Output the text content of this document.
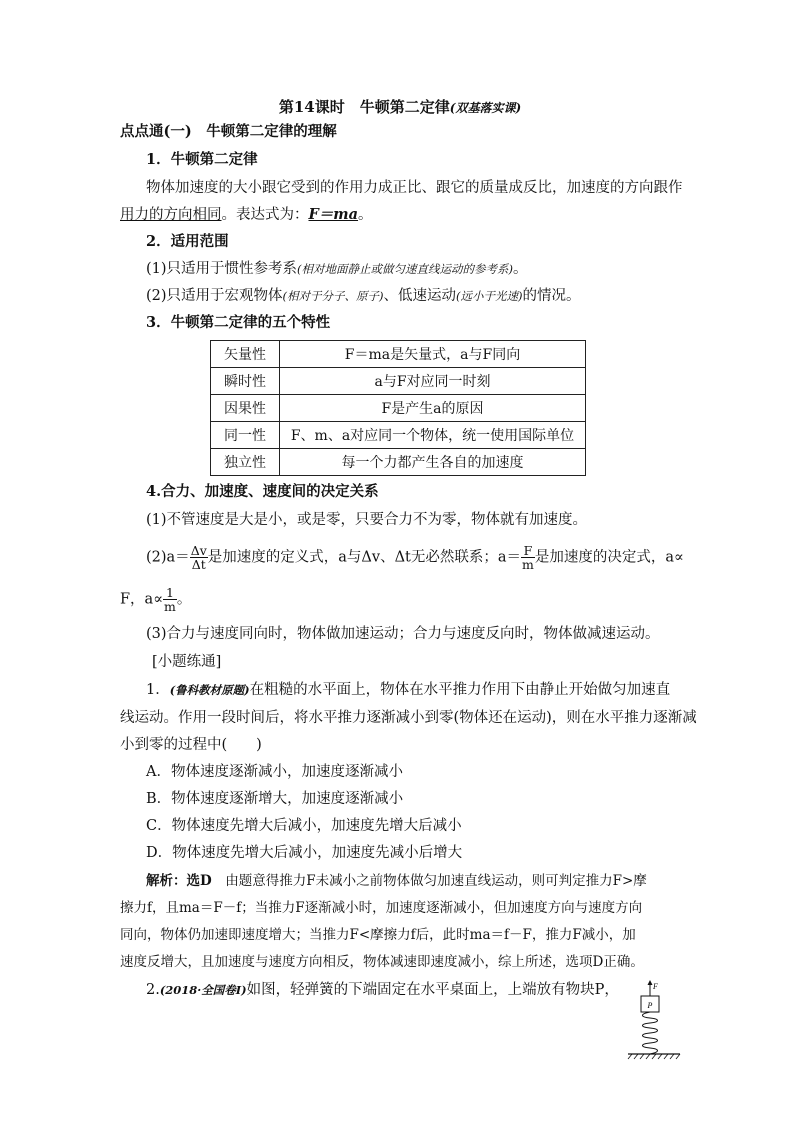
第14课时　牛顿第二定律(双基落实课)
点点通(一)　牛顿第二定律的理解
1．牛顿第二定律
物体加速度的大小跟它受到的作用力成正比、跟它的质量成反比，加速度的方向跟作
用力的方向相同。表达式为：F＝ma。
2．适用范围
(1)只适用于惯性参考系(相对地面静止或做匀速直线运动的参考系)。
(2)只适用于宏观物体(相对于分子、原子)、低速运动(远小于光速)的情况。
3．牛顿第二定律的五个特性
矢量性	F＝ma是矢量式，a与F同向
瞬时性	a与F对应同一时刻
因果性	F是产生a的原因
同一性	F、m、a对应同一个物体，统一使用国际单位
独立性	每一个力都产生各自的加速度
4.合力、加速度、速度间的决定关系
(1)不管速度是大是小，或是零，只要合力不为零，物体就有加速度。
$(2)a= \frac{\Delta v}{\Delta t}$ 是加速度的定义式，a与Δv、Δt无必然联系；$a= \frac{F}{m}$ 是加速度的决定式，a∝
F，$a\propto \frac{1}{m}$ 。
(3)合力与速度同向时，物体做加速运动；合力与速度反向时，物体做减速运动。
[小题练通]
1．(鲁科教材原题)在粗糙的水平面上，物体在水平推力作用下由静止开始做匀加速直
线运动。作用一段时间后，将水平推力逐渐减小到零(物体还在运动)，则在水平推力逐渐减
小到零的过程中(　　)
A．物体速度逐渐减小，加速度逐渐减小
B．物体速度逐渐增大，加速度逐渐减小
C．物体速度先增大后减小，加速度先增大后减小
D．物体速度先增大后减小，加速度先减小后增大
解析：选D　由题意得推力F未减小之前物体做匀加速直线运动，则可判定推力F>摩
擦力f，且ma＝F－f；当推力F逐渐减小时，加速度逐渐减小，但加速度方向与速度方向
同向，物体仍加速即速度增大；当推力F<摩擦力f后，此时ma＝f－F，推力F减小，加
速度反增大，且加速度与速度方向相反，物体减速即速度减小，综上所述，选项D正确。
2.(2018·全国卷Ⅰ)如图，轻弹簧的下端固定在水平桌面上，上端放有物块P，	F
P
